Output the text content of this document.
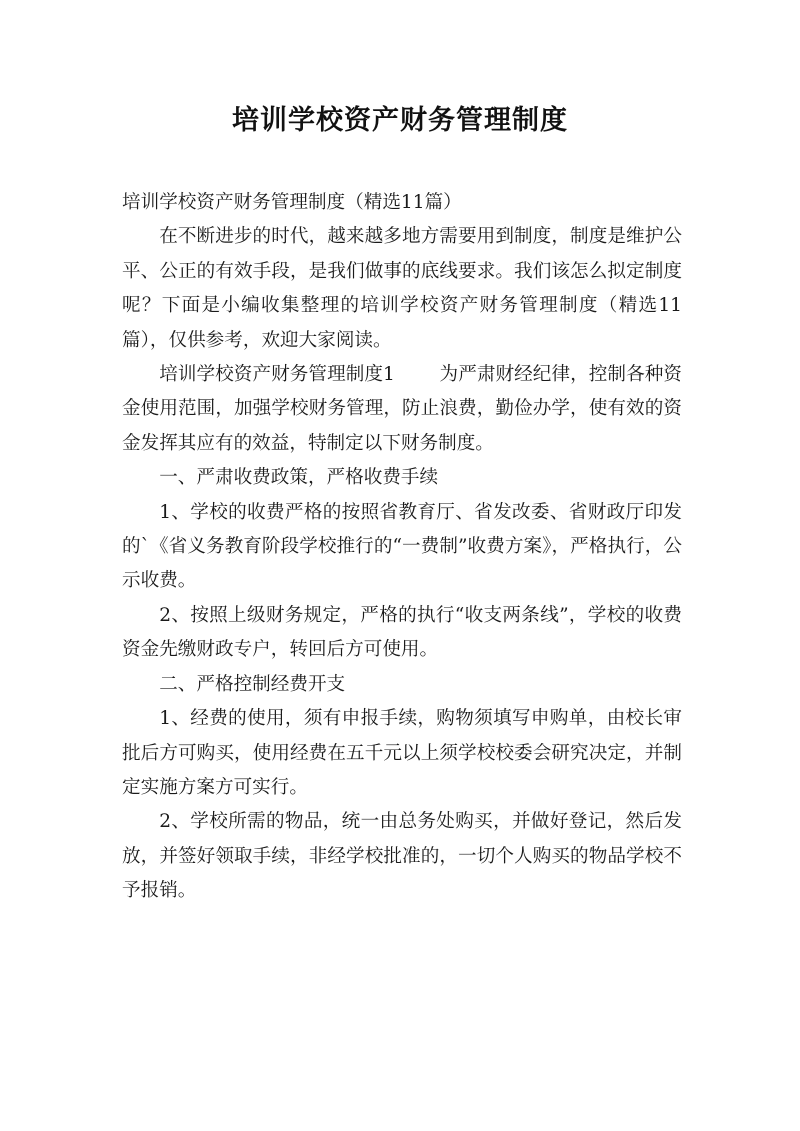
培训学校资产财务管理制度

培训学校资产财务管理制度（精选11篇）

在不断进步的时代，越来越多地方需要用到制度，制度是维护公平、公正的有效手段，是我们做事的底线要求。我们该怎么拟定制度呢？下面是小编收集整理的培训学校资产财务管理制度（精选11篇），仅供参考，欢迎大家阅读。

培训学校资产财务管理制度1 为严肃财经纪律，控制各种资金使用范围，加强学校财务管理，防止浪费，勤俭办学，使有效的资金发挥其应有的效益，特制定以下财务制度。

一、严肃收费政策，严格收费手续

1、学校的收费严格的按照省教育厅、省发改委、省财政厅印发的`《省义务教育阶段学校推行的“一费制”收费方案》，严格执行，公示收费。

2、按照上级财务规定，严格的执行“收支两条线”，学校的收费资金先缴财政专户，转回后方可使用。

二、严格控制经费开支

1、经费的使用，须有申报手续，购物须填写申购单，由校长审批后方可购买，使用经费在五千元以上须学校校委会研究决定，并制定实施方案方可实行。

2、学校所需的物品，统一由总务处购买，并做好登记，然后发放，并签好领取手续，非经学校批准的，一切个人购买的物品学校不予报销。
